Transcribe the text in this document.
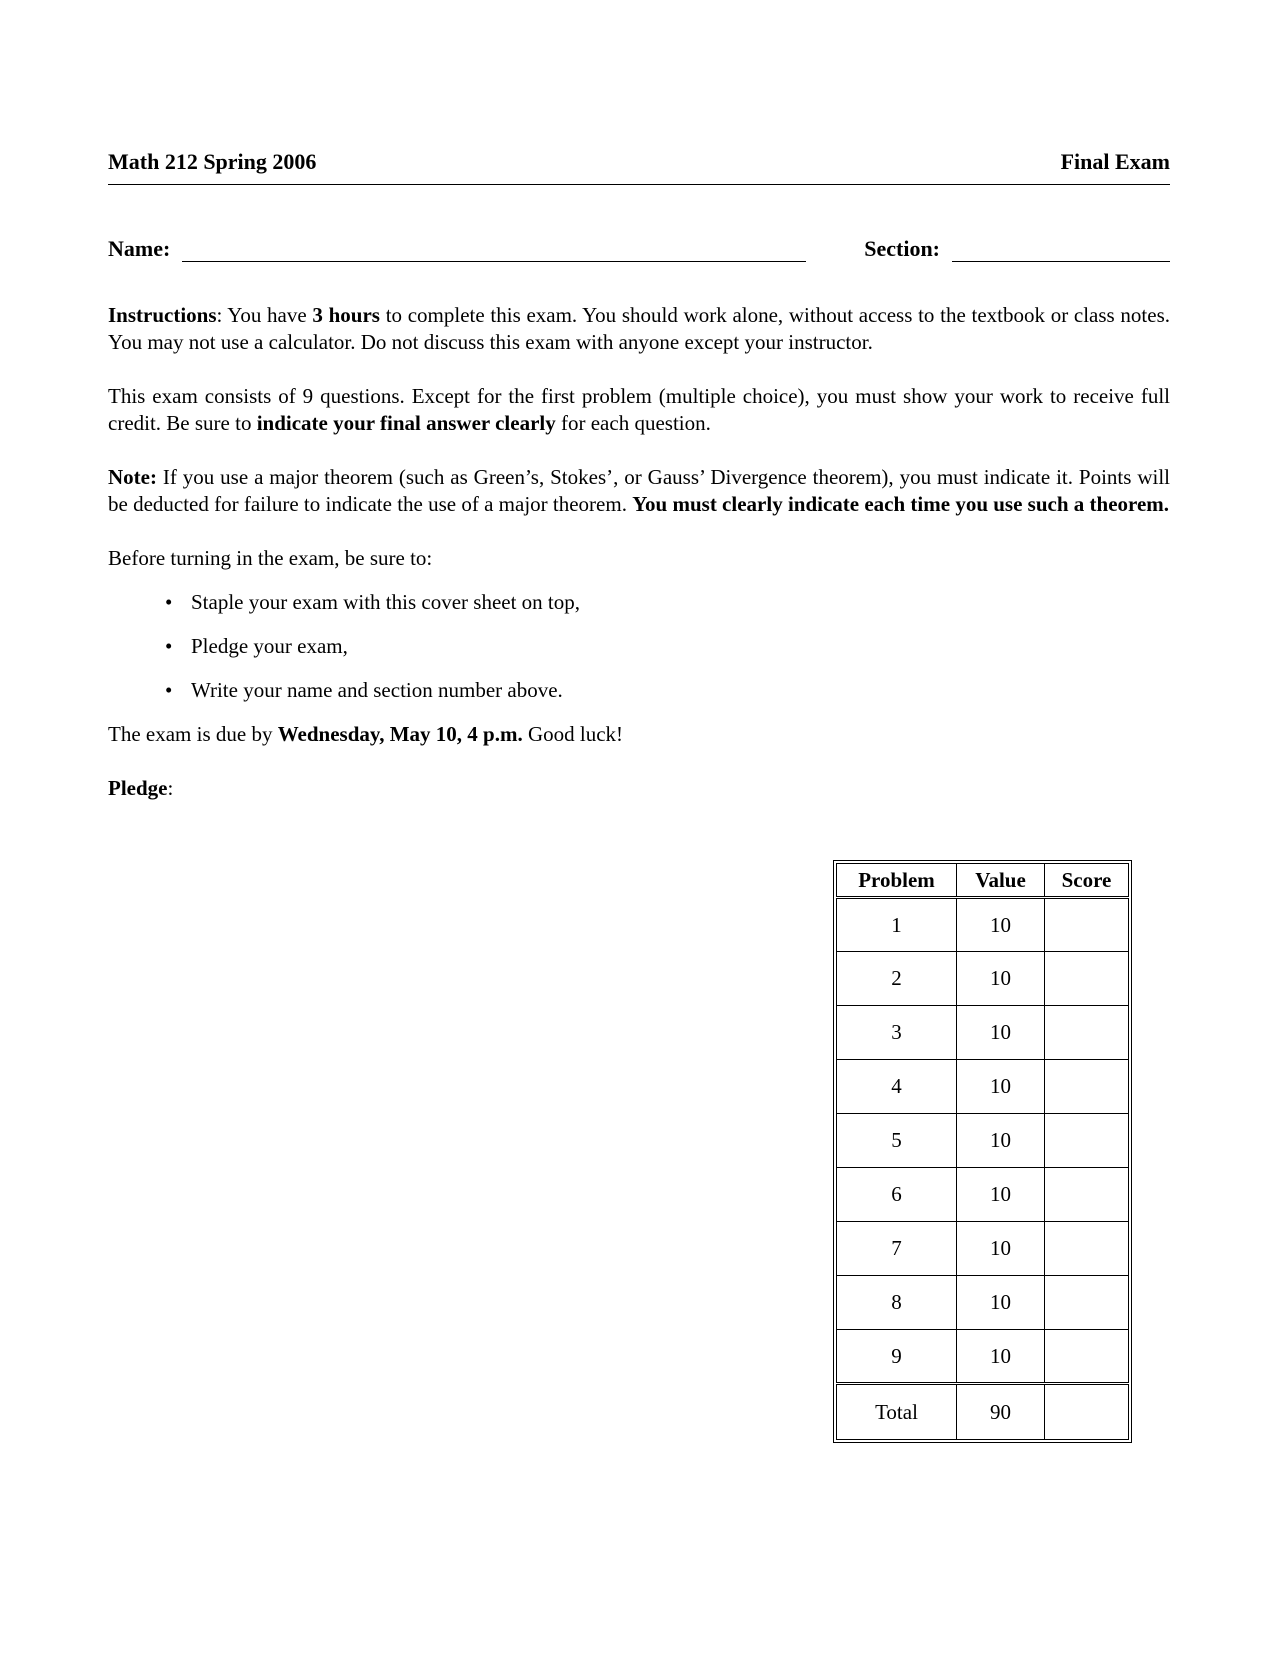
Math 212 Spring 2006	Final Exam
Name:	Section:

Instructions: You have 3 hours to complete this exam. You should work alone, without access to the textbook or class notes. You may not use a calculator. Do not discuss this exam with anyone except your instructor.

This exam consists of 9 questions. Except for the first problem (multiple choice), you must show your work to receive full credit. Be sure to indicate your final answer clearly for each question.

Note: If you use a major theorem (such as Green’s, Stokes’, or Gauss’ Divergence theorem), you must indicate it. Points will be deducted for failure to indicate the use of a major theorem. You must clearly indicate each time you use such a theorem.

Before turning in the exam, be sure to:

• Staple your exam with this cover sheet on top,
• Pledge your exam,
• Write your name and section number above.

The exam is due by Wednesday, May 10, 4 p.m. Good luck!

Pledge:

Problem	Value	Score
1	10	
2	10	
3	10	
4	10	
5	10	
6	10	
7	10	
8	10	
9	10	
Total	90	
